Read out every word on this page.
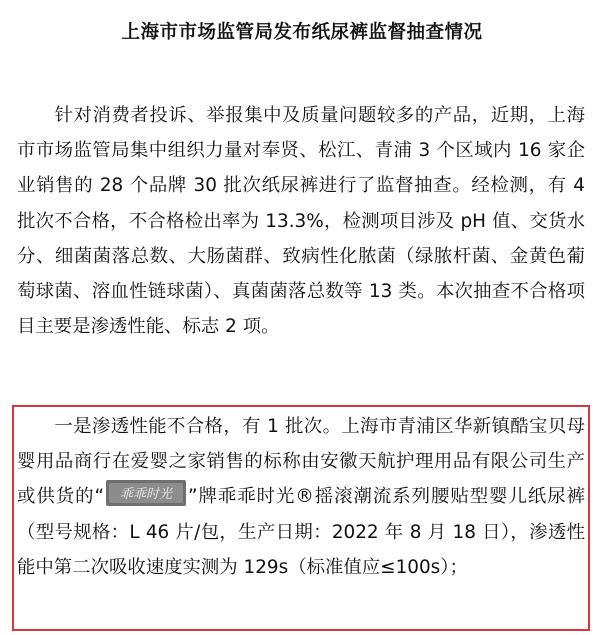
上海市市场监管局发布纸尿裤监督抽查情况
针对消费者投诉、举报集中及质量问题较多的产品，近期，上海市市场监管局集中组织力量对奉贤、松江、青浦 3 个区域内 16 家企业销售的 28 个品牌 30 批次纸尿裤进行了监督抽查。经检测，有 4 批次不合格，不合格检出率为 13.3%，检测项目涉及 pH 值、交货水分、细菌菌落总数、大肠菌群、致病性化脓菌（绿脓杆菌、金黄色葡萄球菌、溶血性链球菌）、真菌菌落总数等 13 类。本次抽查不合格项目主要是渗透性能、标志 2 项。
一是渗透性能不合格，有 1 批次。上海市青浦区华新镇酷宝贝母婴用品商行在爱婴之家销售的标称由安徽天航护理用品有限公司生产或供货的“ 乖乖时光 ”牌乖乖时光®摇滚潮流系列腰贴型婴儿纸尿裤（型号规格：L 46 片/包，生产日期：2022 年 8 月 18 日），渗透性能中第二次吸收速度实测为 129s（标准值应≤100s）；
